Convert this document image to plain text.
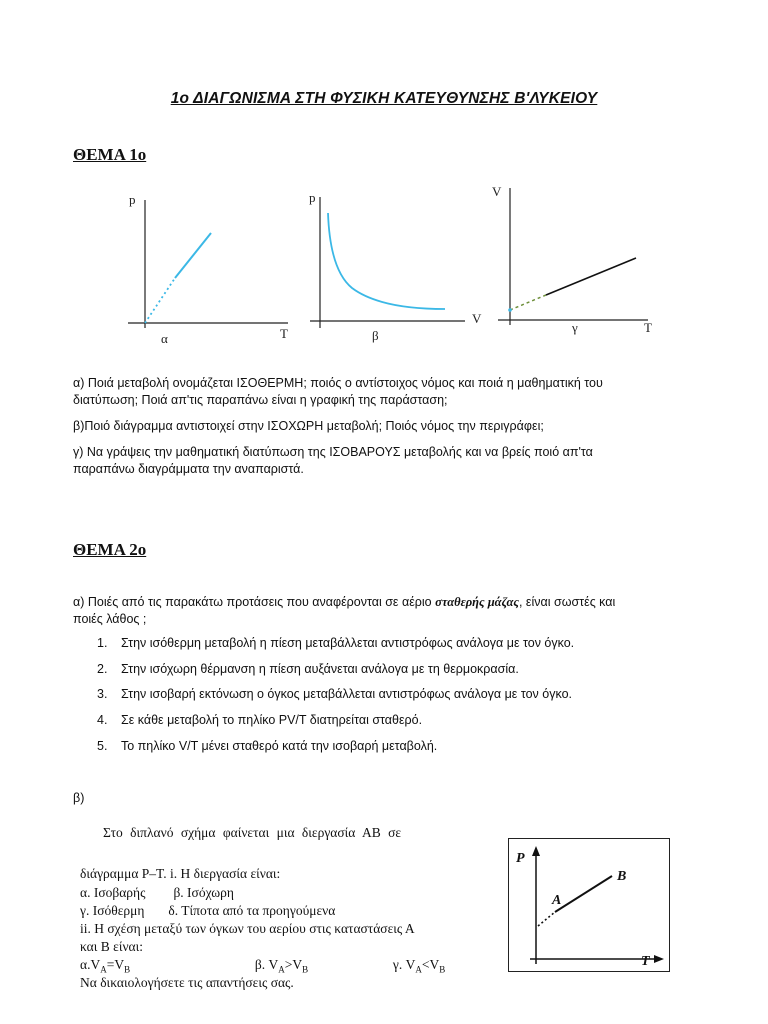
1ο ΔΙΑΓΩΝΙΣΜΑ ΣΤΗ ΦΥΣΙΚΗ ΚΑΤΕΥΘΥΝΣΗΣ Β'ΛΥΚΕΙΟΥ
ΘΕΜΑ 1ο
p
T
α
p
V
β
V
T
γ
α) Ποιά μεταβολή ονομάζεται ΙΣΟΘΕΡΜΗ; ποιός ο αντίστοιχος νόμος και ποιά η μαθηματική του
διατύπωση; Ποιά απ'τις παραπάνω είναι η γραφική της παράσταση;
β)Ποιό διάγραμμα αντιστοιχεί στην ΙΣΟΧΩΡΗ μεταβολή; Ποιός νόμος την περιγράφει;
γ) Να γράψεις την μαθηματική διατύπωση της ΙΣΟΒΑΡΟΥΣ μεταβολής και να βρείς ποιό απ'τα
παραπάνω διαγράμματα την αναπαριστά.
ΘΕΜΑ 2ο
α) Ποιές από τις παρακάτω προτάσεις που αναφέρονται σε αέριο σταθερής μάζας, είναι σωστές και
ποιές λάθος ;
1. Στην ισόθερμη μεταβολή η πίεση μεταβάλλεται αντιστρόφως ανάλογα με τον όγκο.
2. Στην ισόχωρη θέρμανση η πίεση αυξάνεται ανάλογα με τη θερμοκρασία.
3. Στην ισοβαρή εκτόνωση ο όγκος μεταβάλλεται αντιστρόφως ανάλογα με τον όγκο.
4. Σε κάθε μεταβολή το πηλίκο PV/T διατηρείται σταθερό.
5. Το πηλίκο V/T μένει σταθερό κατά την ισοβαρή μεταβολή.
β)
Στο διπλανό σχήμα φαίνεται μια διεργασία ΑΒ σε
διάγραμμα P–T. i. Η διεργασία είναι:
α. Ισοβαρής β. Ισόχωρη
γ. Ισόθερμη δ. Τίποτα από τα προηγούμενα
ii. Η σχέση μεταξύ των όγκων του αερίου στις καταστάσεις Α
και Β είναι:
$\alpha.V_A=V_B$	β. $V_A>V_B$	γ. $V_A<V_B$
Να δικαιολογήσετε τις απαντήσεις σας.
P
T
A
B
